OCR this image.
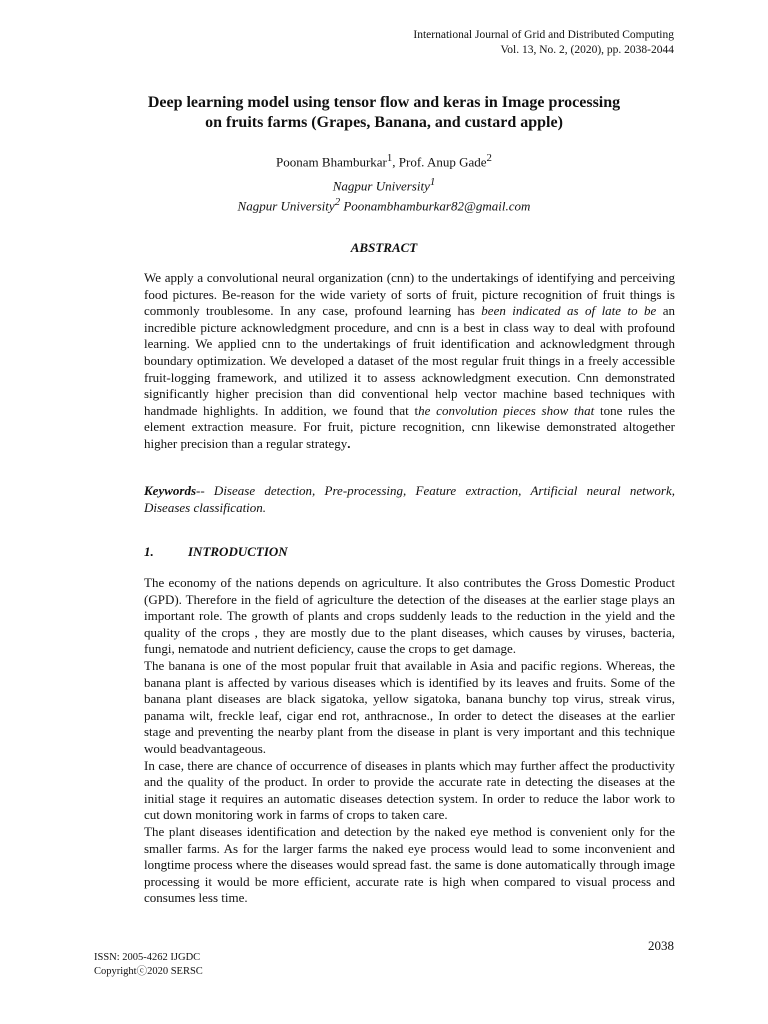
International Journal of Grid and Distributed Computing
Vol. 13, No. 2, (2020), pp. 2038-2044
Deep learning model using tensor flow and keras in Image processing
on fruits farms (Grapes, Banana, and custard apple)
Poonam Bhamburkar$^1$, Prof. Anup Gade$^2$
Nagpur University$^1$
Nagpur University$^2$ Poonambhamburkar82@gmail.com
ABSTRACT
We apply a convolutional neural organization (cnn) to the undertakings of identifying and perceiving food pictures. Be-reason for the wide variety of sorts of fruit, picture recognition of fruit things is commonly troublesome. In any case, profound learning has been indicated as of late to be an incredible picture acknowledgment procedure, and cnn is a best in class way to deal with profound learning. We applied cnn to the undertakings of fruit identification and acknowledgment through boundary optimization. We developed a dataset of the most regular fruit things in a freely accessible fruit-logging framework, and utilized it to assess acknowledgment execution. Cnn demonstrated significantly higher precision than did conventional help vector machine based techniques with handmade highlights. In addition, we found that the convolution pieces show that tone rules the element extraction measure. For fruit, picture recognition, cnn likewise demonstrated altogether higher precision than a regular strategy.
Keywords-- Disease detection, Pre-processing, Feature extraction, Artificial neural network, Diseases classification.
1.	INTRODUCTION

The economy of the nations depends on agriculture. It also contributes the Gross Domestic Product (GPD). Therefore in the field of agriculture the detection of the diseases at the earlier stage plays an important role. The growth of plants and crops suddenly leads to the reduction in the yield and the quality of the crops , they are mostly due to the plant diseases, which causes by viruses, bacteria, fungi, nematode and nutrient deficiency, cause the crops to get damage.

The banana is one of the most popular fruit that available in Asia and pacific regions. Whereas, the banana plant is affected by various diseases which is identified by its leaves and fruits. Some of the banana plant diseases are black sigatoka, yellow sigatoka, banana bunchy top virus, streak virus, panama wilt, freckle leaf, cigar end rot, anthracnose., In order to detect the diseases at the earlier stage and preventing the nearby plant from the disease in plant is very important and this technique would beadvantageous.

In case, there are chance of occurrence of diseases in plants which may further affect the productivity and the quality of the product. In order to provide the accurate rate in detecting the diseases at the initial stage it requires an automatic diseases detection system. In order to reduce the labor work to cut down monitoring work in farms of crops to taken care.

The plant diseases identification and detection by the naked eye method is convenient only for the smaller farms. As for the larger farms the naked eye process would lead to some inconvenient and longtime process where the diseases would spread fast. the same is done automatically through image processing it would be more efficient, accurate rate is high when compared to visual process and consumes less time.

2038
ISSN: 2005-4262 IJGDC
Copyrightⓒ2020 SERSC
